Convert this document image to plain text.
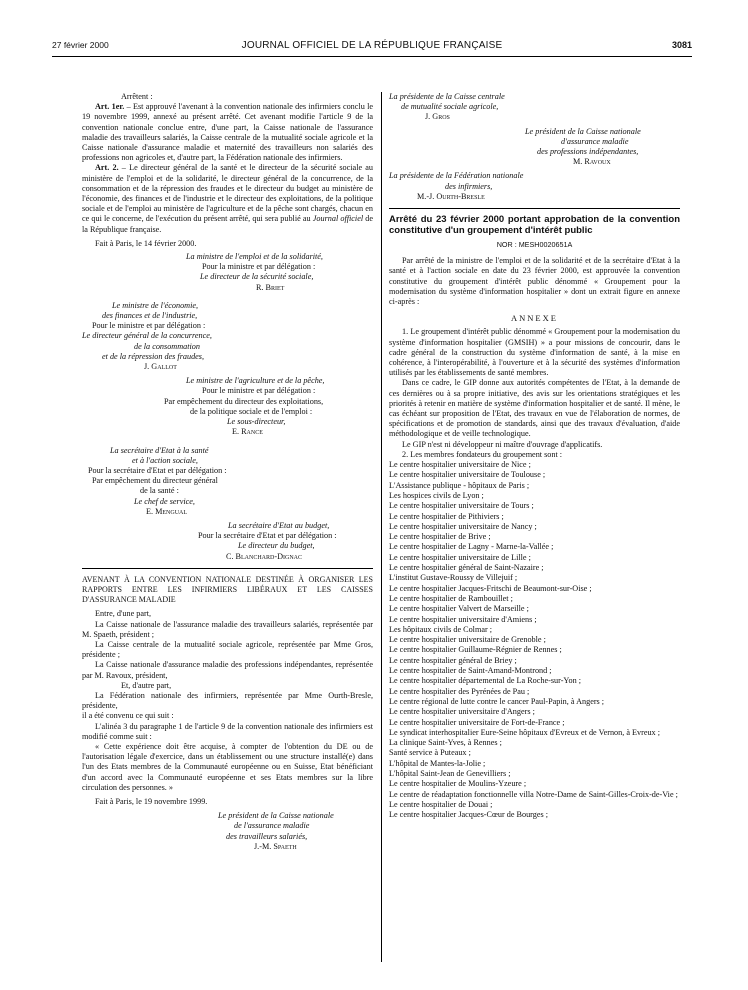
27 février 2000	JOURNAL OFFICIEL DE LA RÉPUBLIQUE FRANÇAISE	3081

Arrêtent :

Art. 1er. – Est approuvé l'avenant à la convention nationale des infirmiers conclu le 19 novembre 1999, annexé au présent arrêté. Cet avenant modifie l'article 9 de la convention nationale conclue entre, d'une part, la Caisse nationale de l'assurance maladie des travailleurs salariés, la Caisse centrale de la mutualité sociale agricole et la Caisse nationale d'assurance maladie et maternité des travailleurs non salariés des professions non agricoles et, d'autre part, la Fédération nationale des infirmiers.

Art. 2. – Le directeur général de la santé et le directeur de la sécurité sociale au ministère de l'emploi et de la solidarité, le directeur général de la concurrence, de la consommation et de la répression des fraudes et le directeur du budget au ministère de l'économie, des finances et de l'industrie et le directeur des exploitations, de la politique sociale et de l'emploi au ministère de l'agriculture et de la pêche sont chargés, chacun en ce qui le concerne, de l'exécution du présent arrêté, qui sera publié au Journal officiel de la République française.

Fait à Paris, le 14 février 2000.

La ministre de l'emploi et de la solidarité,
Pour la ministre et par délégation :
Le directeur de la sécurité sociale,
R. Briet
Le ministre de l'économie,
des finances et de l'industrie,
Pour le ministre et par délégation :
Le directeur général de la concurrence,
de la consommation
et de la répression des fraudes,
J. Gallot
Le ministre de l'agriculture et de la pêche,
Pour le ministre et par délégation :
Par empêchement du directeur des exploitations,
de la politique sociale et de l'emploi :
Le sous-directeur,
E. Rance
La secrétaire d'Etat à la santé
et à l'action sociale,
Pour la secrétaire d'Etat et par délégation :
Par empêchement du directeur général
de la santé :
Le chef de service,
E. Mengual
La secrétaire d'Etat au budget,
Pour la secrétaire d'Etat et par délégation :
Le directeur du budget,
C. Blanchard-Dignac

AVENANT À LA CONVENTION NATIONALE DESTINÉE À ORGANISER LES RAPPORTS ENTRE LES INFIRMIERS LIBÉRAUX ET LES CAISSES D'ASSURANCE MALADIE

Entre, d'une part,

La Caisse nationale de l'assurance maladie des travailleurs salariés, représentée par M. Spaeth, président ;

La Caisse centrale de la mutualité sociale agricole, représentée par Mme Gros, présidente ;

La Caisse nationale d'assurance maladie des professions indépendantes, représentée par M. Ravoux, président,

Et, d'autre part,

La Fédération nationale des infirmiers, représentée par Mme Ourth-Bresle, présidente,

il a été convenu ce qui suit :

L'alinéa 3 du paragraphe 1 de l'article 9 de la convention nationale des infirmiers est modifié comme suit :

« Cette expérience doit être acquise, à compter de l'obtention du DE ou de l'autorisation légale d'exercice, dans un établissement ou une structure installé(e) dans l'un des Etats membres de la Communauté européenne ou en Suisse, Etat bénéficiant d'un accord avec la Communauté européenne et ses Etats membres sur la libre circulation des personnes. »

Fait à Paris, le 19 novembre 1999.

Le président de la Caisse nationale
de l'assurance maladie
des travailleurs salariés,
J.-M. Spaeth
La présidente de la Caisse centrale
de mutualité sociale agricole,
J. Gros
Le président de la Caisse nationale
d'assurance maladie
des professions indépendantes,
M. Ravoux
La présidente de la Fédération nationale
des infirmiers,
M.-J. Ourth-Bresle
Arrêté du 23 février 2000 portant approbation de la convention constitutive d'un groupement d'intérêt public
NOR : MESH0020651A

Par arrêté de la ministre de l'emploi et de la solidarité et de la secrétaire d'Etat à la santé et à l'action sociale en date du 23 février 2000, est approuvée la convention constitutive du groupement d'intérêt public dénommé « Groupement pour la modernisation du système d'information hospitalier » dont un extrait figure en annexe ci-après :

ANNEXE

1. Le groupement d'intérêt public dénommé « Groupement pour la modernisation du système d'information hospitalier (GMSIH) » a pour missions de concourir, dans le cadre général de la construction du système d'information de santé, à la mise en cohérence, à l'interopérabilité, à l'ouverture et à la sécurité des systèmes d'information utilisés par les établissements de santé membres.

Dans ce cadre, le GIP donne aux autorités compétentes de l'Etat, à la demande de ces dernières ou à sa propre initiative, des avis sur les orientations stratégiques et les priorités à retenir en matière de système d'information hospitalier et de santé. Il mène, le cas échéant sur proposition de l'Etat, des travaux en vue de l'élaboration de normes, de spécifications et de promotion de standards, ainsi que des travaux d'évaluation, d'aide méthodologique et de veille technologique.

Le GIP n'est ni développeur ni maître d'ouvrage d'applicatifs.

2. Les membres fondateurs du groupement sont :

Le centre hospitalier universitaire de Nice ;
Le centre hospitalier universitaire de Toulouse ;
L'Assistance publique - hôpitaux de Paris ;
Les hospices civils de Lyon ;
Le centre hospitalier universitaire de Tours ;
Le centre hospitalier de Pithiviers ;
Le centre hospitalier universitaire de Nancy ;
Le centre hospitalier de Brive ;
Le centre hospitalier de Lagny - Marne-la-Vallée ;
Le centre hospitalier universitaire de Lille ;
Le centre hospitalier général de Saint-Nazaire ;
L'institut Gustave-Roussy de Villejuif ;
Le centre hospitalier Jacques-Fritschi de Beaumont-sur-Oise ;
Le centre hospitalier de Rambouillet ;
Le centre hospitalier Valvert de Marseille ;
Le centre hospitalier universitaire d'Amiens ;
Les hôpitaux civils de Colmar ;
Le centre hospitalier universitaire de Grenoble ;
Le centre hospitalier Guillaume-Régnier de Rennes ;
Le centre hospitalier général de Briey ;
Le centre hospitalier de Saint-Amand-Montrond ;
Le centre hospitalier départemental de La Roche-sur-Yon ;
Le centre hospitalier des Pyrénées de Pau ;
Le centre régional de lutte contre le cancer Paul-Papin, à Angers ;
Le centre hospitalier universitaire d'Angers ;
Le centre hospitalier universitaire de Fort-de-France ;
Le syndicat interhospitalier Eure-Seine hôpitaux d'Evreux et de Vernon, à Evreux ;
La clinique Saint-Yves, à Rennes ;
Santé service à Puteaux ;
L'hôpital de Mantes-la-Jolie ;
L'hôpital Saint-Jean de Genevilliers ;
Le centre hospitalier de Moulins-Yzeure ;
Le centre de réadaptation fonctionnelle villa Notre-Dame de Saint-Gilles-Croix-de-Vie ;
Le centre hospitalier de Douai ;
Le centre hospitalier Jacques-Cœur de Bourges ;
